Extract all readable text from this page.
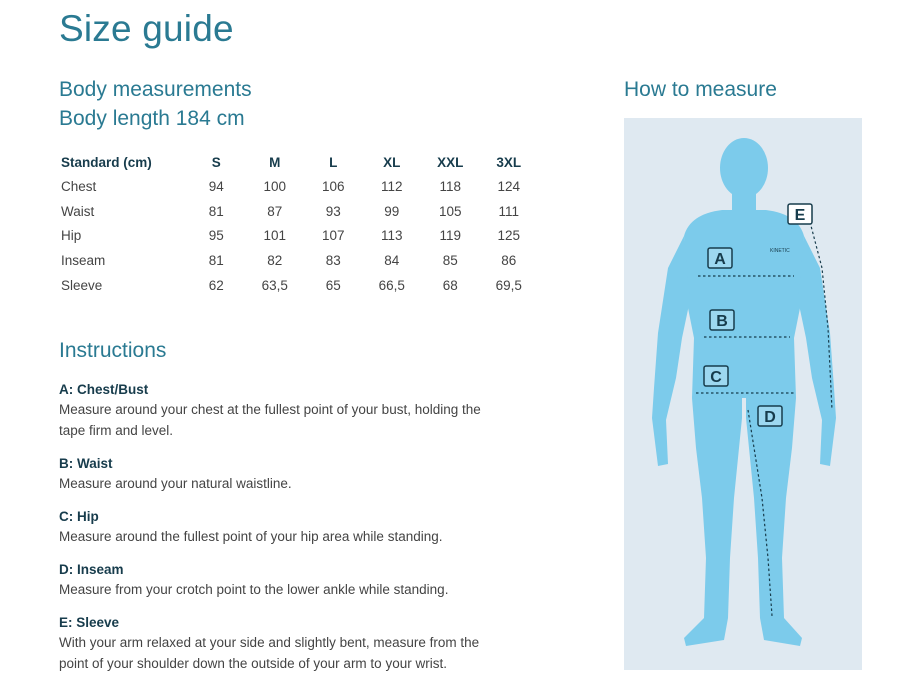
Size guide
Body measurements
Body length 184 cm
Standard (cm)	S	M	L	XL	XXL	3XL
Chest	94	100	106	112	118	124
Waist	81	87	93	99	105	111
Hip	95	101	107	113	119	125
Inseam	81	82	83	84	85	86
Sleeve	62	63,5	65	66,5	68	69,5
Instructions
A: Chest/Bust
Measure around your chest at the fullest point of your bust, holding the tape firm and level.
B: Waist
Measure around your natural waistline.
C: Hip
Measure around the fullest point of your hip area while standing.
D: Inseam
Measure from your crotch point to the lower ankle while standing.
E: Sleeve
With your arm relaxed at your side and slightly bent, measure from the point of your shoulder down the outside of your arm to your wrist.
How to measure
A
B
C
D
E
KINETIC
